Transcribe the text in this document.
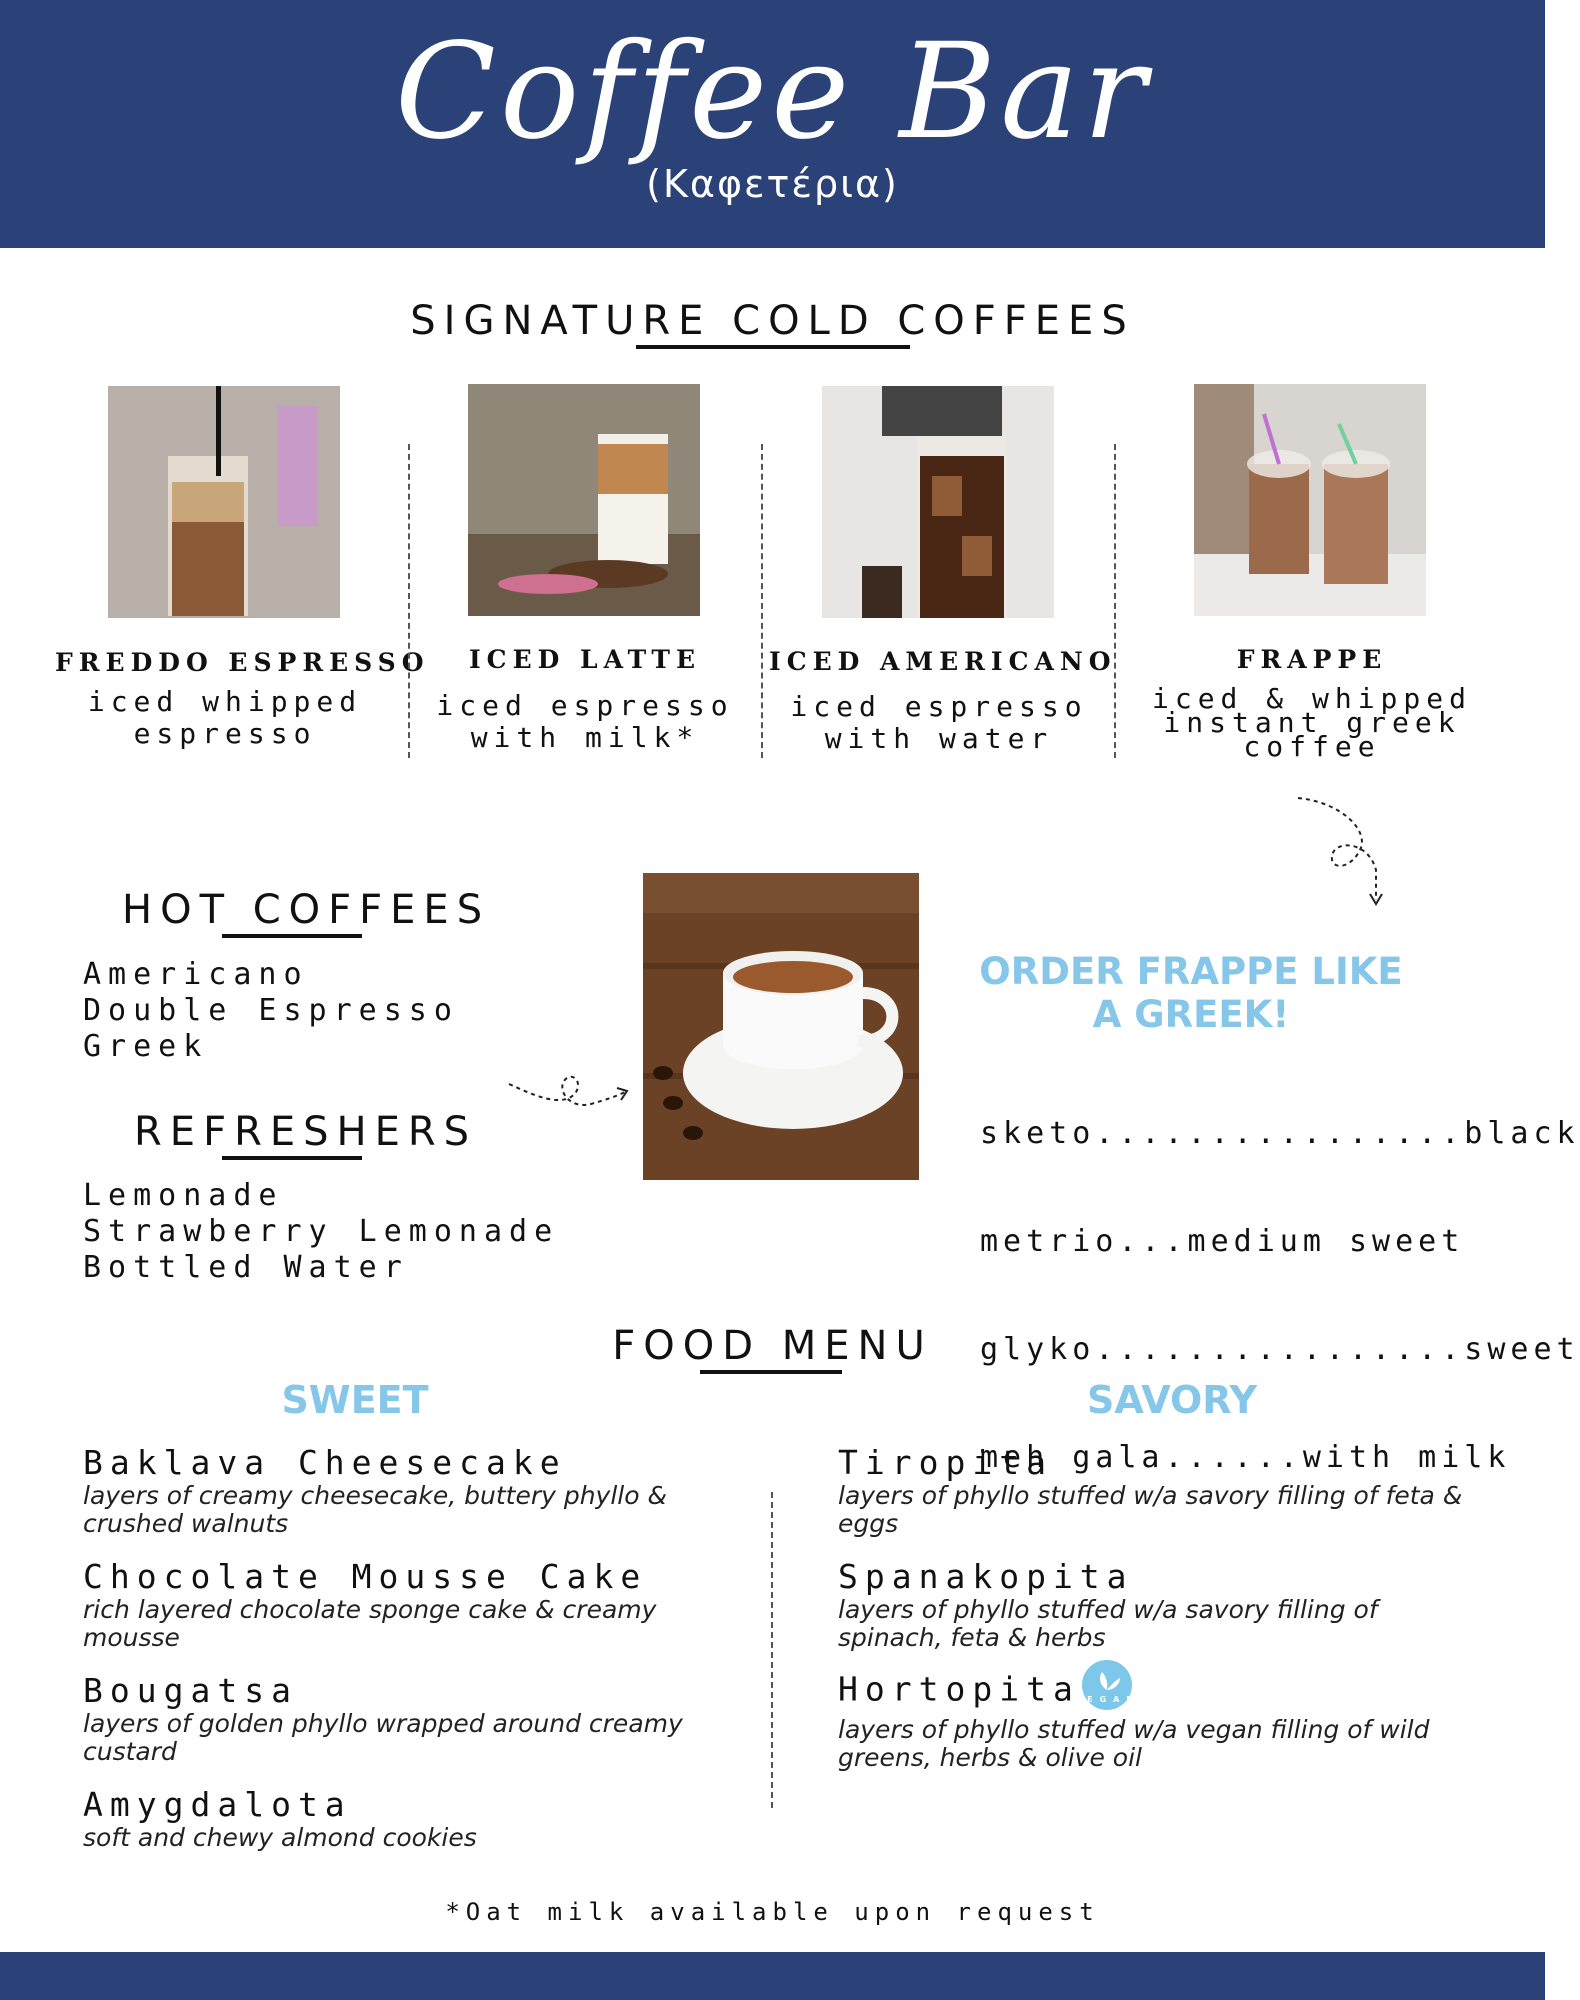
Coffee Bar
(Καφετέρια)
SIGNATURE COLD COFFEES
FREDDO ESPRESSO
iced whipped espresso
ICED LATTE
iced espresso with milk*
ICED AMERICANO
iced espresso with water
FRAPPE
iced & whipped instant greek coffee
HOT COFFEES
Americano
Double Espresso
Greek
REFRESHERS
Lemonade
Strawberry Lemonade
Bottled Water
ORDER FRAPPE LIKE
A GREEK!

sketo................black

metrio...medium sweet

glyko................sweet

meh gala......with milk

FOOD MENU
SWEET	SAVORY
Baklava Cheesecake
layers of creamy cheesecake, buttery phyllo & crushed walnuts
Chocolate Mousse Cake
rich layered chocolate sponge cake & creamy mousse
Bougatsa
layers of golden phyllo wrapped around creamy custard
Amygdalota
soft and chewy almond cookies
Tiropita
layers of phyllo stuffed w/a savory filling of feta & eggs
Spanakopita
layers of phyllo stuffed w/a savory filling of spinach, feta & herbs
Hortopita
VEGAN
layers of phyllo stuffed w/a vegan filling of wild greens, herbs & olive oil
*Oat milk available upon request
